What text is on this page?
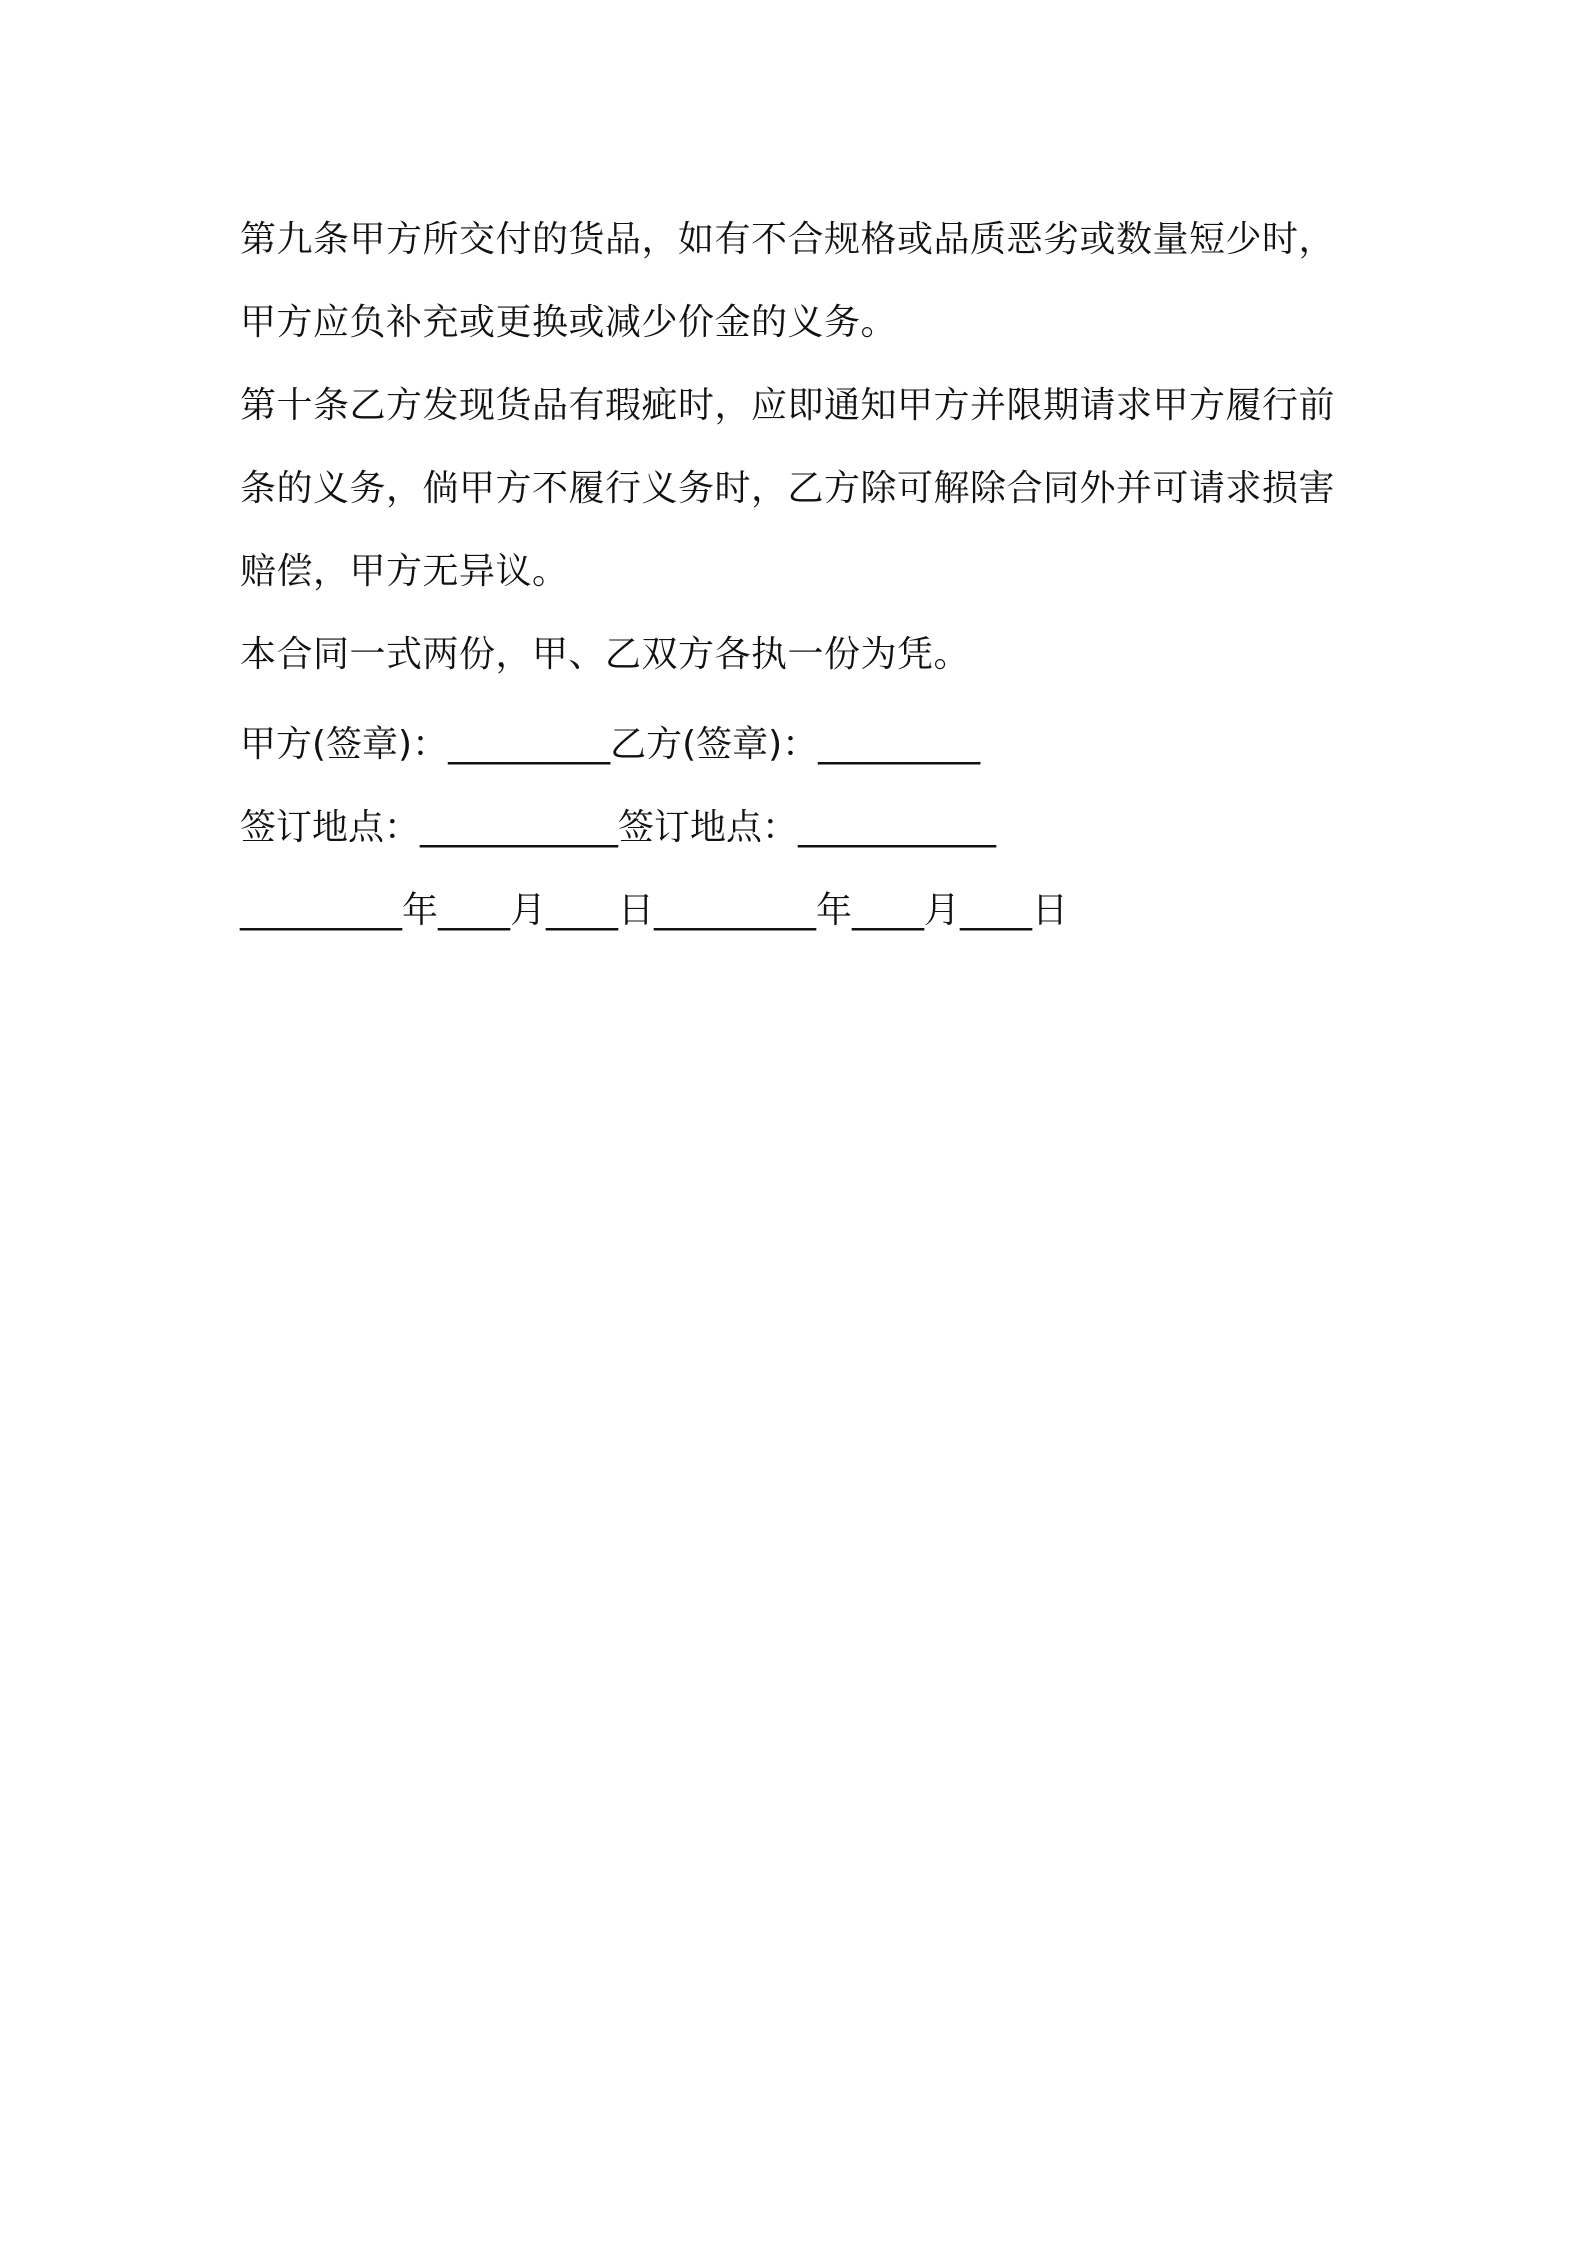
第九条甲方所交付的货品，如有不合规格或品质恶劣或数量短少时，

甲方应负补充或更换或减少价金的义务。

第十条乙方发现货品有瑕疵时，应即通知甲方并限期请求甲方履行前

条的义务，倘甲方不履行义务时，乙方除可解除合同外并可请求损害

赔偿，甲方无异议。

本合同一式两份，甲、乙双方各执一份为凭。

甲方(签章)：_________乙方(签章)：_________

签订地点：___________签订地点：___________

_________年____月____日_________年____月____日
